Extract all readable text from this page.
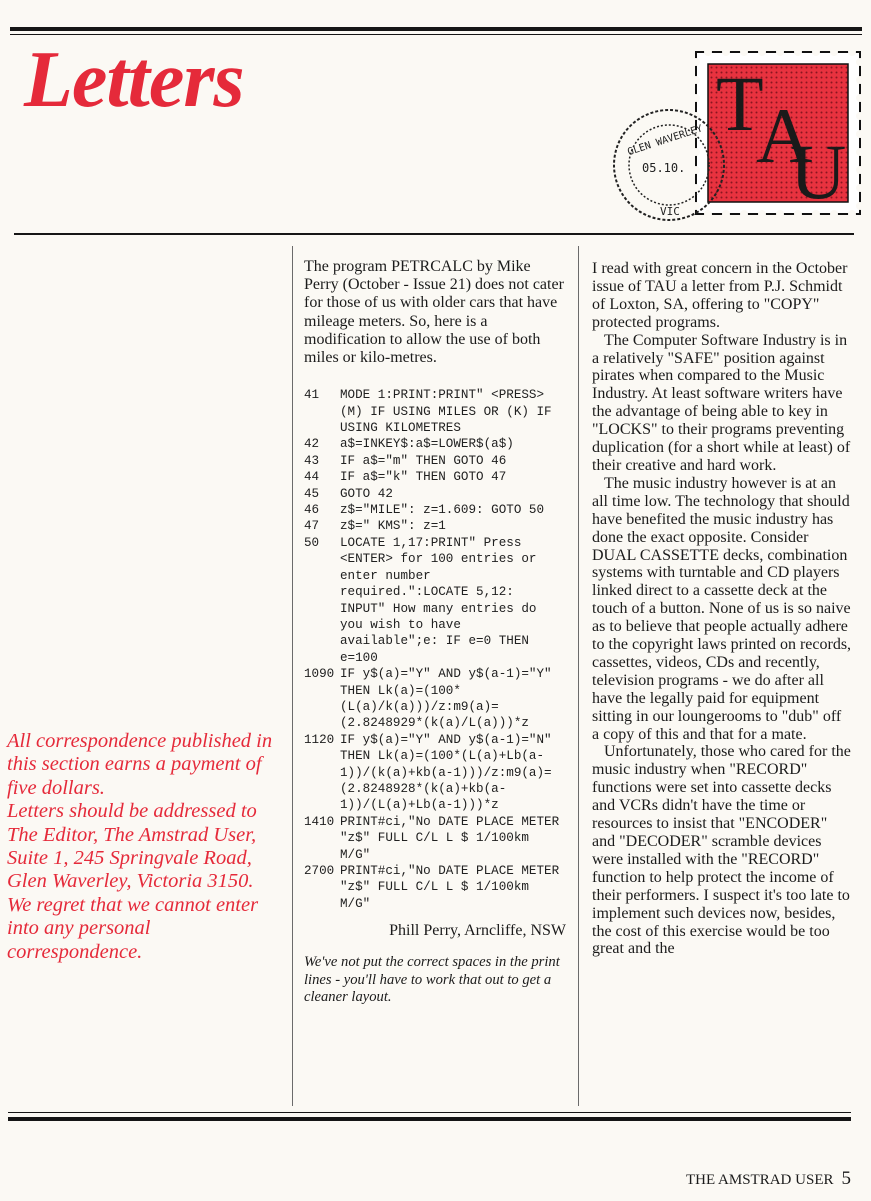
Letters	T
A
U
GLEN WAVERLEY
05.10.
VIC

The program PETRCALC by Mike Perry (October - Issue 21) does not cater for those of us with older cars that have mileage meters. So, here is a modification to allow the use of both miles or kilo-metres.

41	MODE 1:PRINT:PRINT" <PRESS> (M) IF USING MILES OR (K) IF USING KILOMETRES
42	a$=INKEY$:a$=LOWER$(a$)
43	IF a$="m" THEN GOTO 46
44	IF a$="k" THEN GOTO 47
45	GOTO 42
46	z$="MILE": z=1.609: GOTO 50
47	z$=" KMS": z=1
50	LOCATE 1,17:PRINT" Press <ENTER> for 100 entries or enter number required.":LOCATE 5,12: INPUT" How many entries do you wish to have available";e: IF e=0 THEN e=100
1090 IF y$(a)="Y" AND y$(a-1)="Y" THEN Lk(a)=(100*(L(a)/k(a)))/z:m9(a)=(2.8248929*(k(a)/L(a)))*z
1120 IF y$(a)="Y" AND y$(a-1)="N" THEN Lk(a)=(100*(L(a)+Lb(a-1))/(k(a)+kb(a-1)))/z:m9(a)=(2.8248928*(k(a)+kb(a-1))/(L(a)+Lb(a-1)))*z
1410 PRINT#ci,"No DATE PLACE METER "z$" FULL C/L L $ 1/100km M/G"
2700 PRINT#ci,"No DATE PLACE METER "z$" FULL C/L L $ 1/100km M/G"

Phill Perry, Arncliffe, NSW

We've not put the correct spaces in the print lines - you'll have to work that out to get a cleaner layout.

I read with great concern in the October issue of TAU a letter from P.J. Schmidt of Loxton, SA, offering to "COPY" protected programs.

The Computer Software Industry is in a relatively "SAFE" position against pirates when compared to the Music Industry. At least software writers have the advantage of being able to key in "LOCKS" to their programs preventing duplication (for a short while at least) of their creative and hard work.

The music industry however is at an all time low. The technology that should have benefited the music industry has done the exact opposite. Consider DUAL CASSETTE decks, combination systems with turntable and CD players linked direct to a cassette deck at the touch of a button. None of us is so naive as to believe that people actually adhere to the copyright laws printed on records, cassettes, videos, CDs and recently, television programs - we do after all have the legally paid for equipment sitting in our loungerooms to "dub" off a copy of this and that for a mate.

Unfortunately, those who cared for the music industry when "RECORD" functions were set into cassette decks and VCRs didn't have the time or resources to insist that "ENCODER" and "DECODER" scramble devices were installed with the "RECORD" function to help protect the income of their performers. I suspect it's too late to implement such devices now, besides, the cost of this exercise would be too great and the

All correspondence published in this section earns a payment of five dollars.

Letters should be addressed to The Editor, The Amstrad User, Suite 1, 245 Springvale Road, Glen Waverley, Victoria 3150.

We regret that we cannot enter into any personal correspondence.

THE AMSTRAD USER 5
